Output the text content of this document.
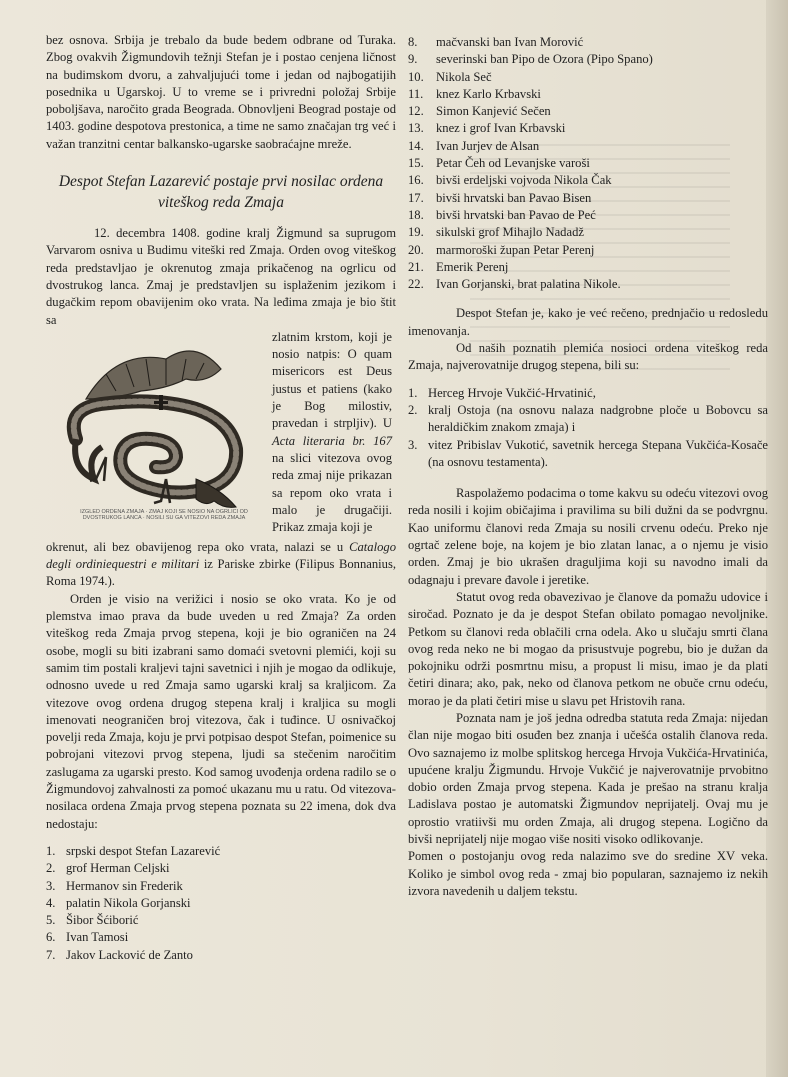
bez osnova. Srbija je trebalo da bude bedem odbrane od Turaka. Zbog ovakvih Žigmundovih težnji Stefan je i postao cenjena ličnost na budimskom dvoru, a zahvaljujući tome i jedan od najbogatijih posednika u Ugarskoj. U to vreme se i privredni položaj Srbije poboljšava, naročito grada Beograda. Obnovljeni Beograd postaje od 1403. godine despotova prestonica, a time ne samo značajan trg već i važan tranzitni centar balkansko-ugarske saobraćajne mreže.

Despot Stefan Lazarević postaje prvi nosilac ordena viteškog reda Zmaja

12. decembra 1408. godine kralj Žigmund sa suprugom Varvarom osniva u Budimu viteški red Zmaja. Orden ovog viteškog reda predstavljao je okrenutog zmaja prikačenog na ogrlicu od dvostrukog lanca. Zmaj je predstavljen su isplaženim jezikom i dugačkim repom obavijenim oko vrata. Na leđima zmaja je bio štit sa

IZGLED ORDENA ZMAJA · ZMAJ KOJI SE NOSIO NA OGRLICI OD DVOSTRUKOG LANCA · NOSILI SU GA VITEZOVI REDA ZMAJA
zlatnim krstom, koji je nosio natpis: O quam misericors est Deus justus et patiens (kako je Bog milostiv, pravedan i strpljiv). U Acta literaria br. 167 na slici vitezova ovog reda zmaj nije prikazan sa repom oko vrata i malo je drugačiji. Prikaz zmaja koji je

okrenut, ali bez obavijenog repa oko vrata, nalazi se u Catalogo degli ordiniequestri e militari iz Pariske zbirke (Filipus Bonnanius, Roma 1974.).

Orden je visio na verižici i nosio se oko vrata. Ko je od plemstva imao prava da bude uveden u red Zmaja? Za orden viteškog reda Zmaja prvog stepena, koji je bio ograničen na 24 osobe, mogli su biti izabrani samo domaći svetovni plemići, koji su samim tim postali kraljevi tajni savetnici i njih je mogao da odlikuje, odnosno uvede u red Zmaja samo ugarski kralj sa kraljicom. Za vitezove ovog ordena drugog stepena kralj i kraljica su mogli imenovati neograničen broj vitezova, čak i tuđince. U osnivačkoj povelji reda Zmaja, koju je prvi potpisao despot Stefan, poimenice su pobrojani vitezovi prvog stepena, ljudi sa stečenim naročitim zaslugama za ugarski presto. Kod samog uvođenja ordena radilo se o Žigmundovoj zahvalnosti za pomoć ukazanu mu u ratu. Od vitezova-nosilaca ordena Zmaja prvog stepena poznata su 22 imena, dok dva nedostaju:

1. srpski despot Stefan Lazarević
2. grof Herman Celjski
3. Hermanov sin Frederik
4. palatin Nikola Gorjanski
5. Šibor Šćiborić
6. Ivan Tamosi
7. Jakov Lacković de Zanto
8.	mačvanski ban Ivan Morović
9.	severinski ban Pipo de Ozora (Pipo Spano)
10. Nikola Seč
11.	knez Karlo Krbavski
12. Simon Kanjević Sečen
13. knez i grof Ivan Krbavski
14. Ivan Jurjev de Alsan
15. Petar Čeh od Levanjske varoši
16. bivši erdeljski vojvoda Nikola Čak
17. bivši hrvatski ban Pavao Bisen
18. bivši hrvatski ban Pavao de Peć
19. sikulski grof Mihajlo Nadadž
20. marmoroški župan Petar Perenj
21. Emerik Perenj
22. Ivan Gorjanski, brat palatina Nikole.

Despot Stefan je, kako je već rečeno, prednjačio u redosledu imenovanja.

Od naših poznatih plemića nosioci ordena viteškog reda Zmaja, najverovatnije drugog stepena, bili su:

1. Herceg Hrvoje Vukčić-Hrvatinić,
2. kralj Ostoja (na osnovu nalaza nadgrobne ploče u Bobovcu sa heraldičkim znakom zmaja) i
3. vitez Pribislav Vukotić, savetnik hercega Stepana Vukčića-Kosače (na osnovu testamenta).

Raspolažemo podacima o tome kakvu su odeću vitezovi ovog reda nosili i kojim običajima i pravilima su bili dužni da se podvrgnu. Kao uniformu članovi reda Zmaja su nosili crvenu odeću. Preko nje ogrtač zelene boje, na kojem je bio zlatan lanac, a o njemu je visio orden. Zmaj je bio ukrašen draguljima koji su navodno imali da odagnaju i prevare đavole i jeretike.

Statut ovog reda obavezivao je članove da pomažu udovice i siročad. Poznato je da je despot Stefan obilato pomagao nevoljnike. Petkom su članovi reda oblačili crna odela. Ako u slučaju smrti člana ovog reda neko ne bi mogao da prisustvuje pogrebu, bio je dužan da pokojniku održi posmrtnu misu, a propust li misu, imao je da plati četiri dinara; ako, pak, neko od članova petkom ne obuče crnu odeću, morao je da plati četiri mise u slavu pet Hristovih rana.

Poznata nam je još jedna odredba statuta reda Zmaja: nijedan član nije mogao biti osuđen bez znanja i učešća ostalih članova reda. Ovo saznajemo iz molbe splitskog hercega Hrvoja Vukčića-Hrvatinića, upućene kralju Žigmundu. Hrvoje Vukčić je najverovatnije prvobitno dobio orden Zmaja prvog stepena. Kada je prešao na stranu kralja Ladislava postao je automatski Žigmundov neprijatelj. Ovaj mu je oprostio vratiivši mu orden Zmaja, ali drugog stepena. Logično da bivši neprijatelj nije mogao više nositi visoko odlikovanje.

Pomen o postojanju ovog reda nalazimo sve do sredine XV veka. Koliko je simbol ovog reda - zmaj bio popularan, saznajemo iz nekih izvora navedenih u daljem tekstu.
